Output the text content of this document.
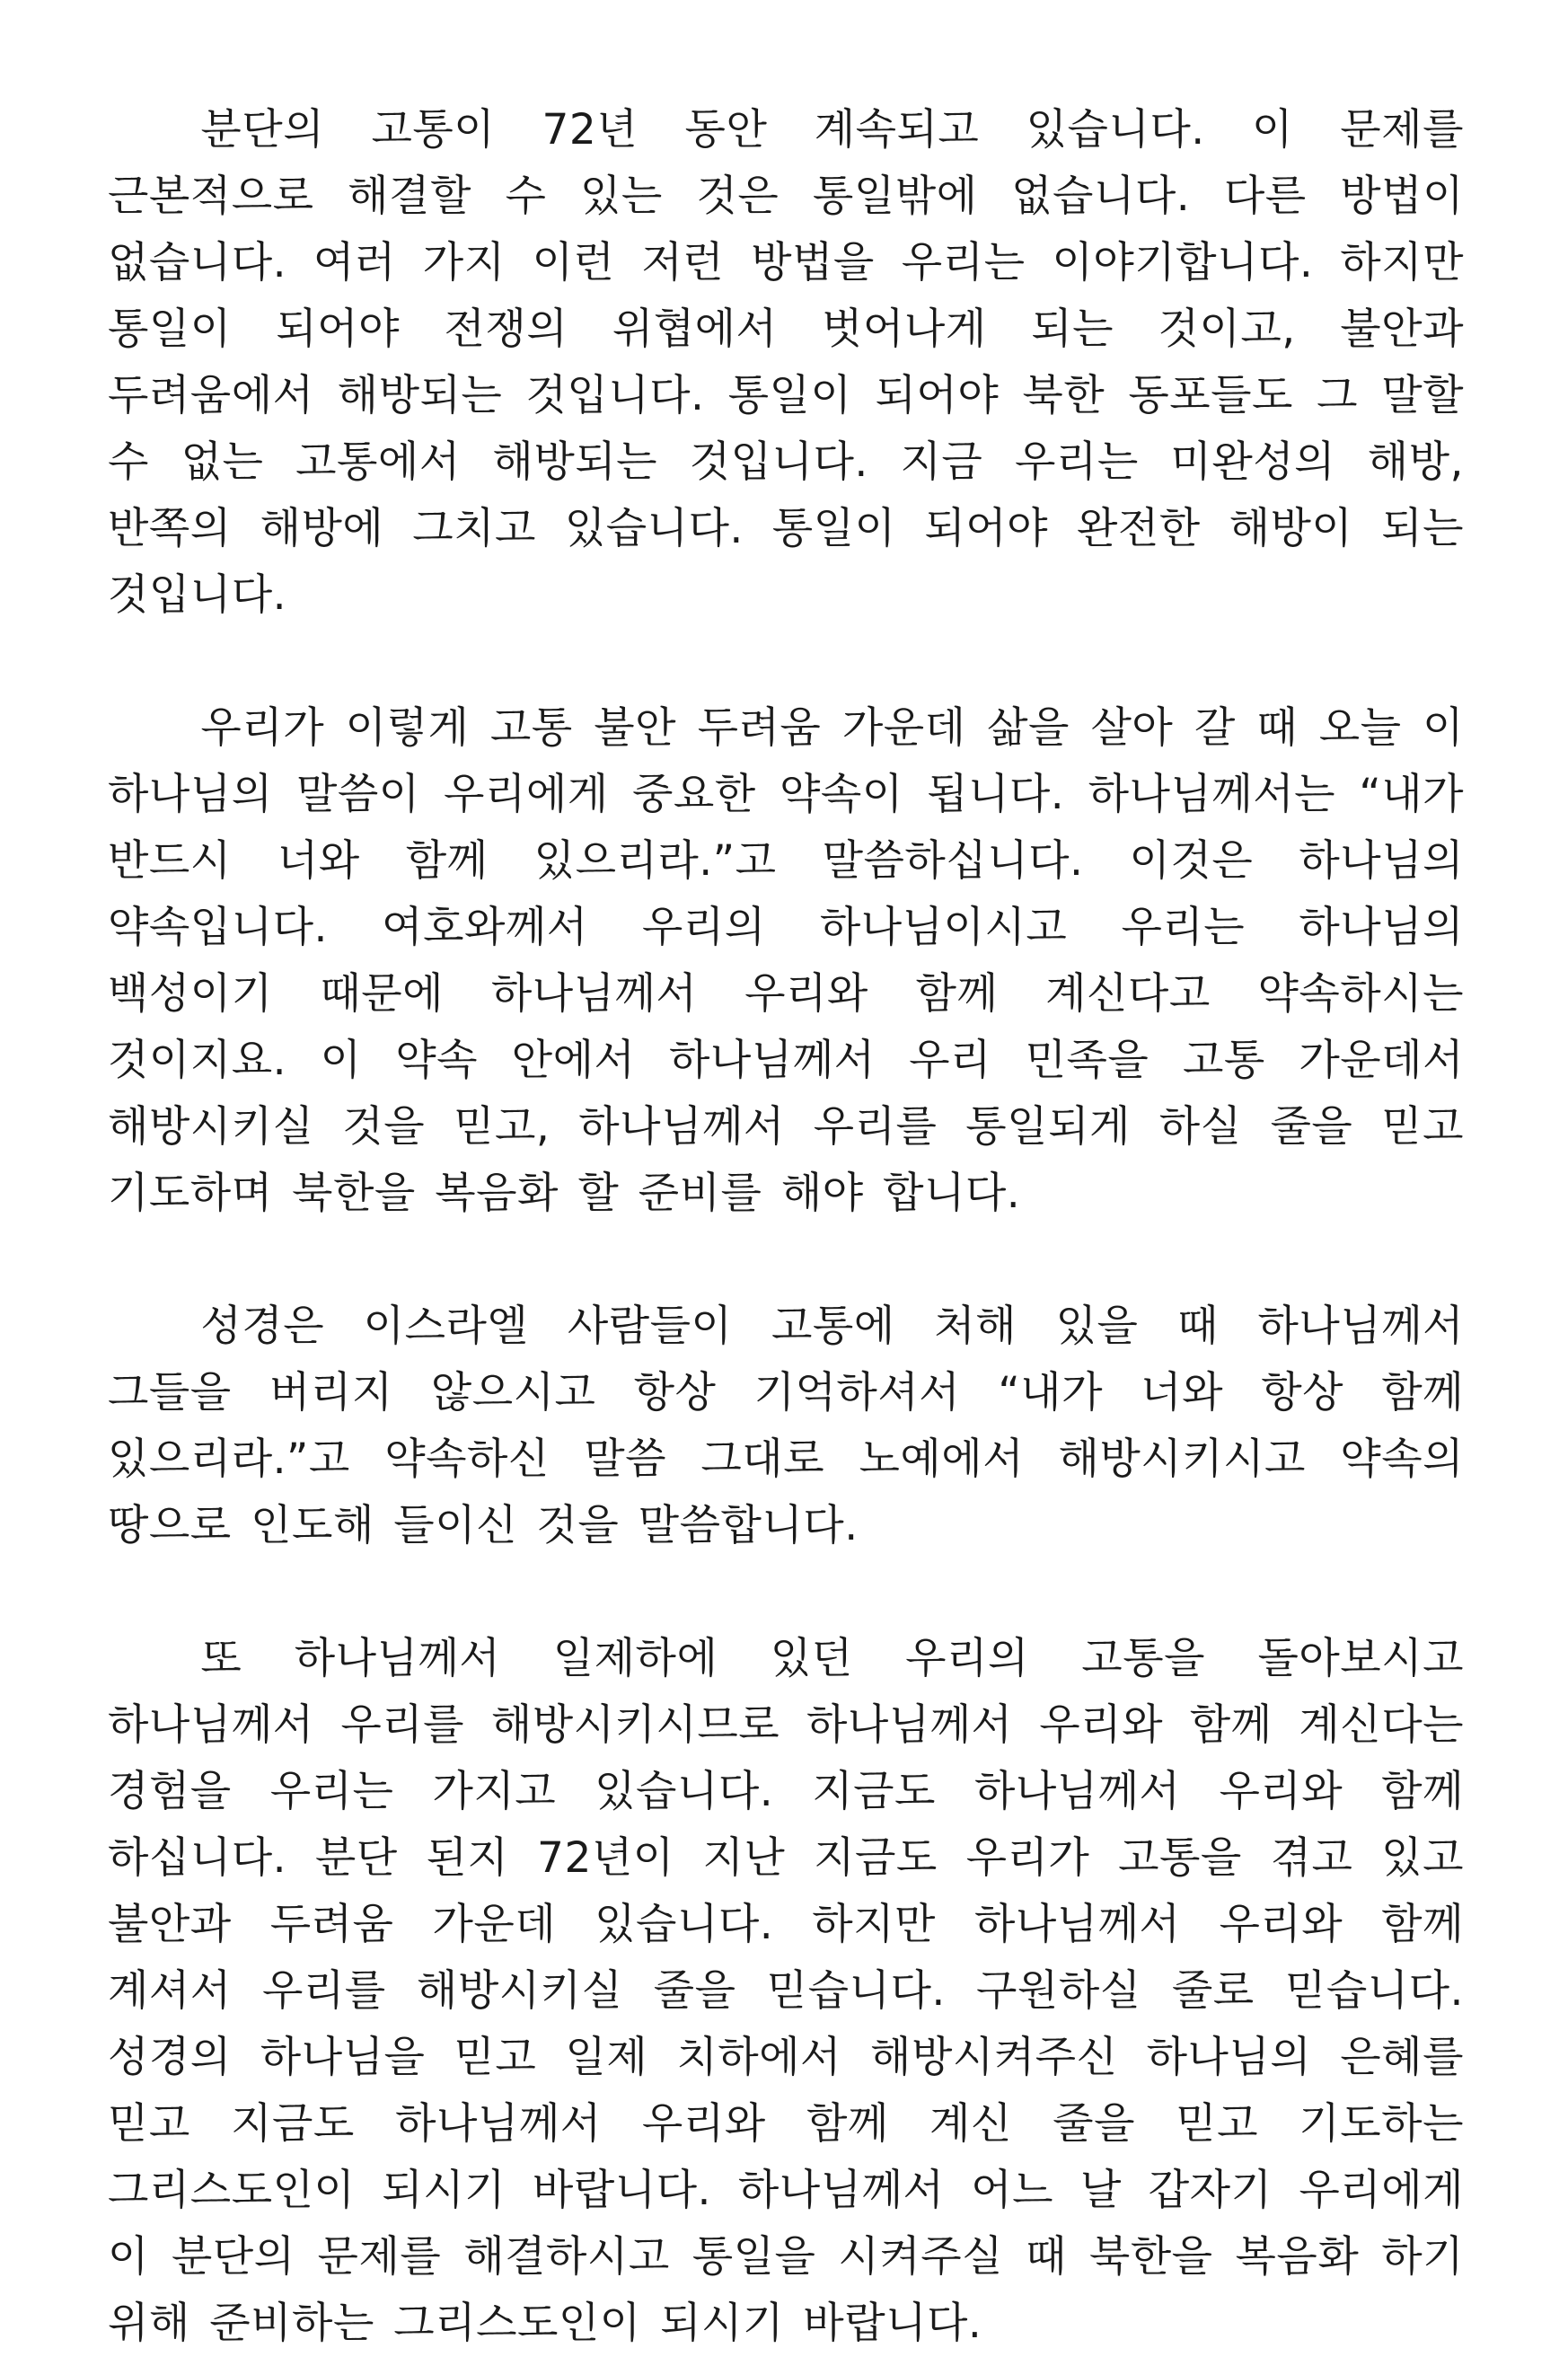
분단의 고통이 72년 동안 계속되고 있습니다. 이 문제를 근본적으로 해결할 수 있는 것은 통일밖에 없습니다. 다른 방법이 없습니다. 여러 가지 이런 저런 방법을 우리는 이야기합니다. 하지만 통일이 되어야 전쟁의 위협에서 벗어나게 되는 것이고, 불안과 두려움에서 해방되는 것입니다. 통일이 되어야 북한 동포들도 그 말할 수 없는 고통에서 해방되는 것입니다. 지금 우리는 미완성의 해방, 반쪽의 해방에 그치고 있습니다. 통일이 되어야 완전한 해방이 되는 것입니다.

우리가 이렇게 고통 불안 두려움 가운데 삶을 살아 갈 때 오늘 이 하나님의 말씀이 우리에게 중요한 약속이 됩니다. 하나님께서는 “내가 반드시 너와 함께 있으리라.”고 말씀하십니다. 이것은 하나님의 약속입니다. 여호와께서 우리의 하나님이시고 우리는 하나님의 백성이기 때문에 하나님께서 우리와 함께 계신다고 약속하시는 것이지요. 이 약속 안에서 하나님께서 우리 민족을 고통 가운데서 해방시키실 것을 믿고, 하나님께서 우리를 통일되게 하실 줄을 믿고 기도하며 북한을 복음화 할 준비를 해야 합니다.

성경은 이스라엘 사람들이 고통에 처해 있을 때 하나님께서 그들을 버리지 않으시고 항상 기억하셔서 “내가 너와 항상 함께 있으리라.”고 약속하신 말씀 그대로 노예에서 해방시키시고 약속의 땅으로 인도해 들이신 것을 말씀합니다.

또 하나님께서 일제하에 있던 우리의 고통을 돌아보시고 하나님께서 우리를 해방시키시므로 하나님께서 우리와 함께 계신다는 경험을 우리는 가지고 있습니다. 지금도 하나님께서 우리와 함께 하십니다. 분단 된지 72년이 지난 지금도 우리가 고통을 겪고 있고 불안과 두려움 가운데 있습니다. 하지만 하나님께서 우리와 함께 계셔서 우리를 해방시키실 줄을 믿습니다. 구원하실 줄로 믿습니다. 성경의 하나님을 믿고 일제 치하에서 해방시켜주신 하나님의 은혜를 믿고 지금도 하나님께서 우리와 함께 계신 줄을 믿고 기도하는 그리스도인이 되시기 바랍니다. 하나님께서 어느 날 갑자기 우리에게 이 분단의 문제를 해결하시고 통일을 시켜주실 때 북한을 복음화 하기 위해 준비하는 그리스도인이 되시기 바랍니다.
